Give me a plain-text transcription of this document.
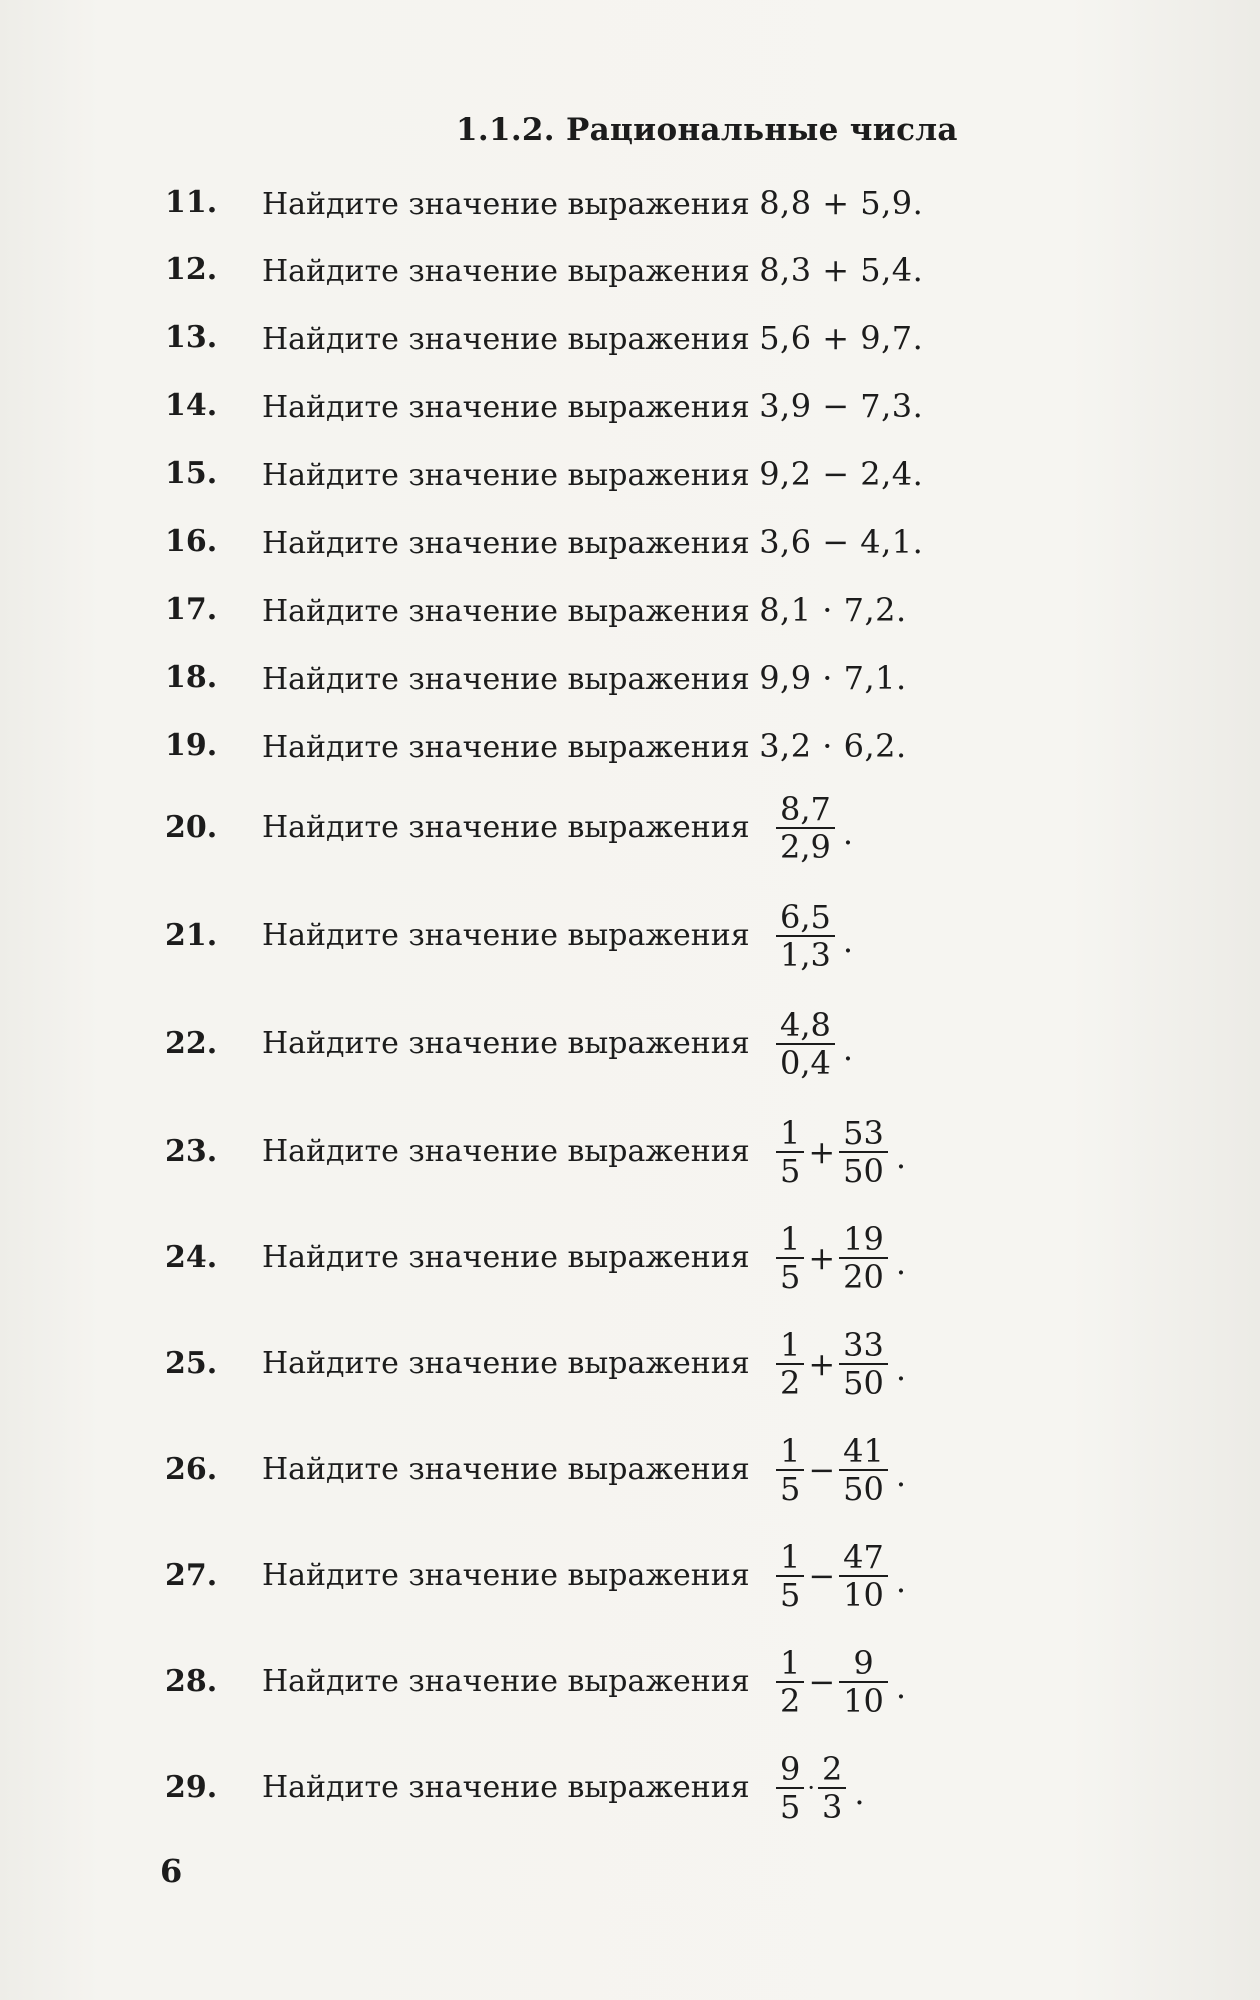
1.1.2. Рациональные числа
11.	Найдите значение выражения 8,8 + 5,9.
12.	Найдите значение выражения 8,3 + 5,4.
13.	Найдите значение выражения 5,6 + 9,7.
14.	Найдите значение выражения 3,9 − 7,3.
15.	Найдите значение выражения 9,2 − 2,4.
16.	Найдите значение выражения 3,6 − 4,1.
17.	Найдите значение выражения 8,1 · 7,2.
18.	Найдите значение выражения 9,9 · 7,1.
19.	Найдите значение выражения 3,2 · 6,2.
20.	Найдите значение выражения $\frac{8,7}{2,9}$ .
21.	Найдите значение выражения $\frac{6,5}{1,3}$ .
22.	Найдите значение выражения $\frac{4,8}{0,4}$ .
23.	Найдите значение выражения $\frac{1}{5} + \frac{53}{50}$ .
24.	Найдите значение выражения $\frac{1}{5} + \frac{19}{20}$ .
25.	Найдите значение выражения $\frac{1}{2} + \frac{33}{50}$ .
26.	Найдите значение выражения $\frac{1}{5} - \frac{41}{50}$ .
27.	Найдите значение выражения $\frac{1}{5} - \frac{47}{10}$ .
28.	Найдите значение выражения $\frac{1}{2} - \frac{9}{10}$ .
29.	Найдите значение выражения $\frac{9}{5} \cdot \frac{2}{3}$ .
6
